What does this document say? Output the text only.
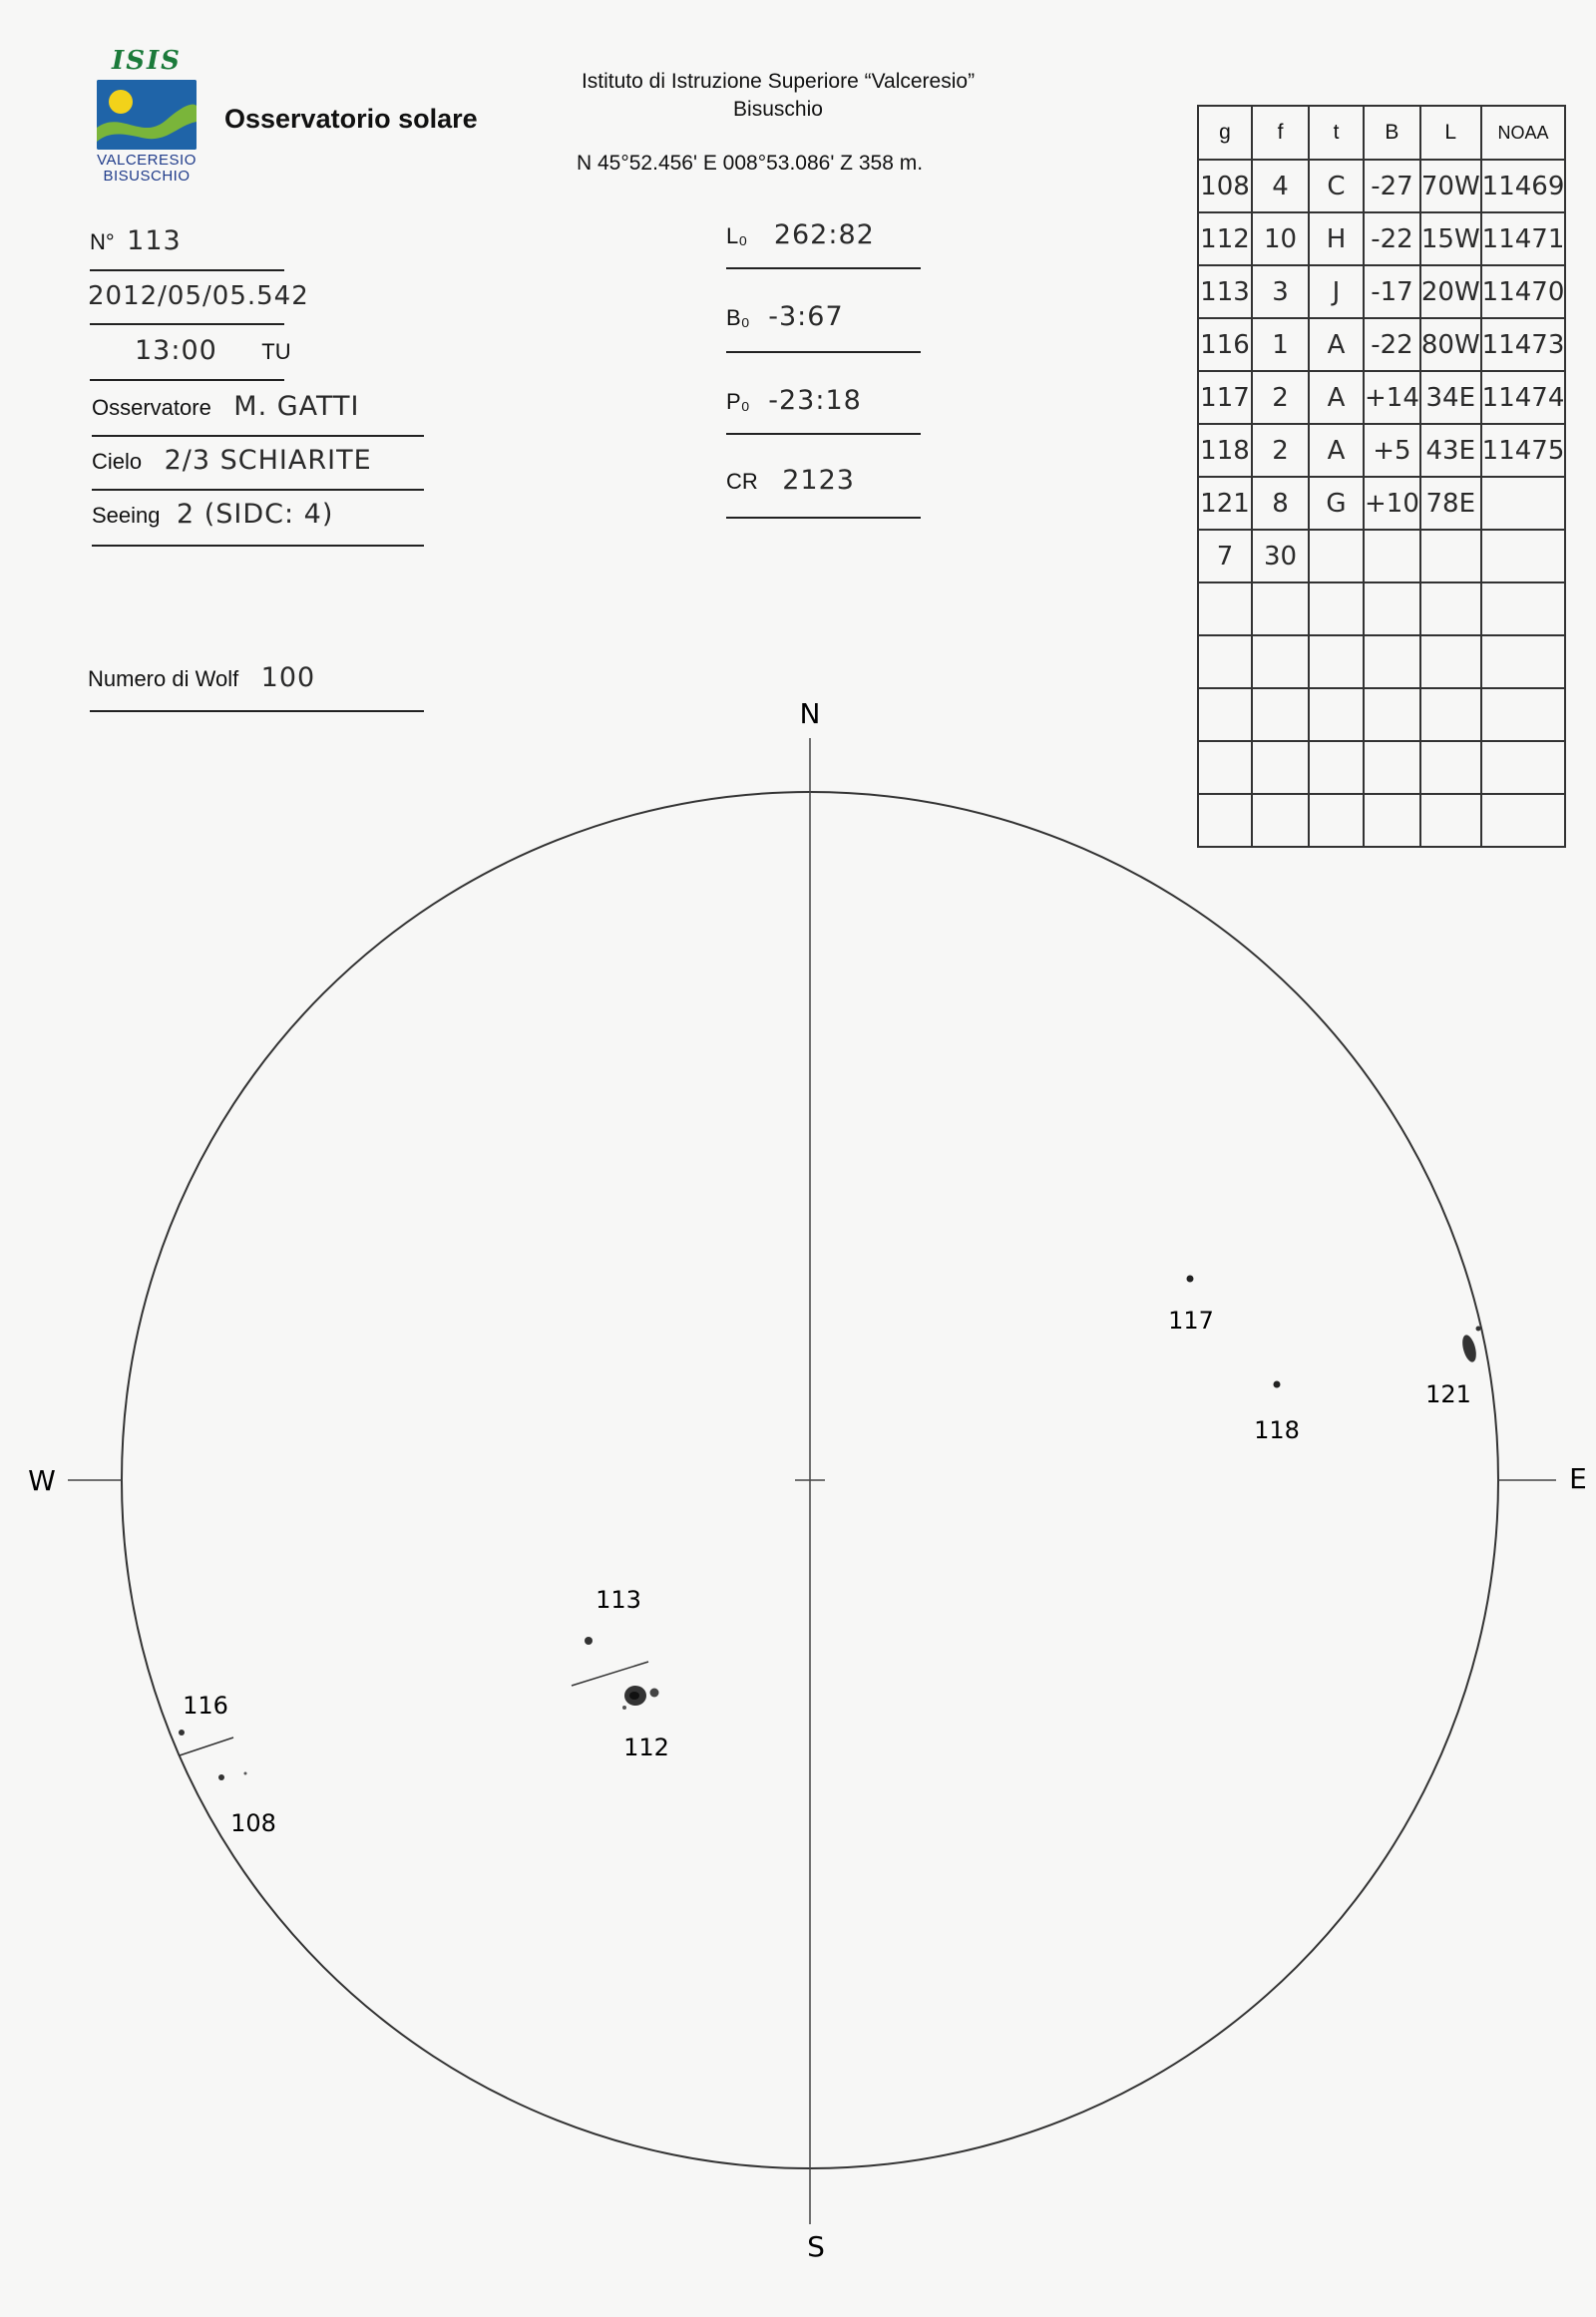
ISIS
VALCERESIO
BISUSCHIO
Osservatorio solare
Istituto di Istruzione Superiore “Valceresio”
Bisuschio
N 45°52.456' E 008°53.086' Z 358 m.
N° 113
2012/05/05.542
13:00 TU
Osservatore M. GATTI
Cielo 2/3 SCHIARITE
Seeing 2 (SIDC: 4)
Numero di Wolf 100
L₀ 262:82
B₀ -3:67
P₀ -23:18
CR 2123
g	f	t	B	L	NOAA
108	4	C	-27	70W	11469
112	10	H	-22	15W	11471
113	3	J	-17	20W	11470
116	1	A	-22	80W	11473
117	2	A	+14	34E	11474
118	2	A	+5	43E	11475
121	8	G	+10	78E	
7	30				

N
S
W	E
117
121
118
113
112
116
108
